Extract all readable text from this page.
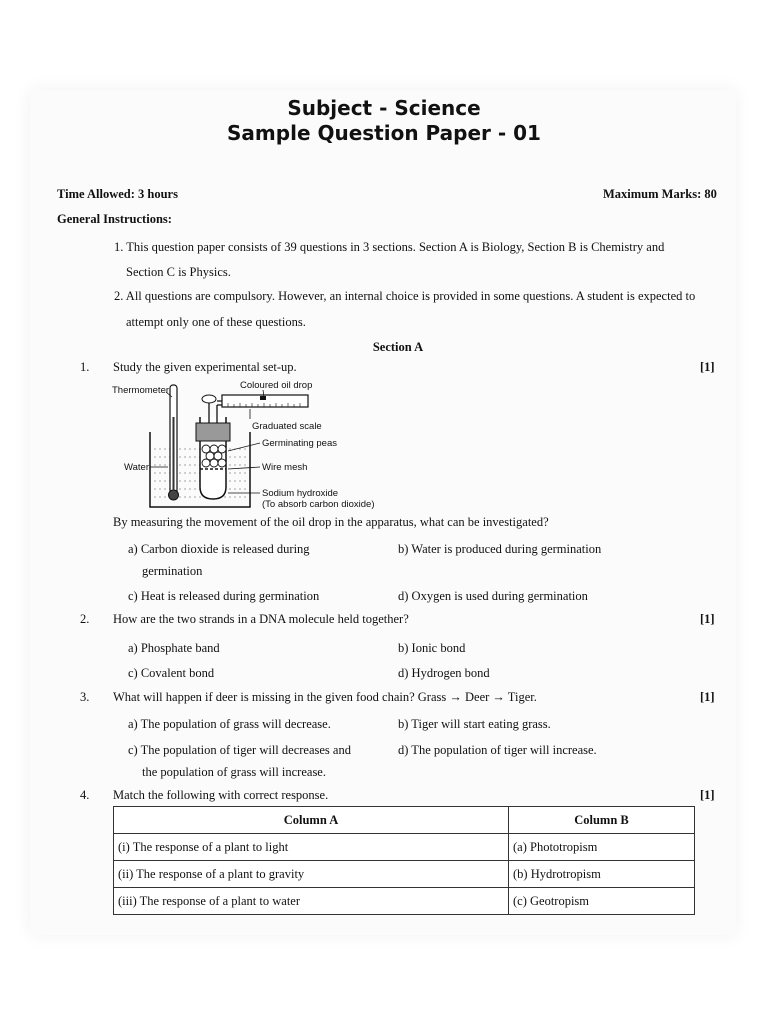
Subject - Science
Sample Question Paper - 01
Time Allowed: 3 hours	Maximum Marks: 80
General Instructions:
1. This question paper consists of 39 questions in 3 sections. Section A is Biology, Section B is Chemistry and
Section C is Physics.
2. All questions are compulsory. However, an internal choice is provided in some questions. A student is expected to
attempt only one of these questions.
Section A
1. Study the given experimental set-up.	[1]
Thermometer	Coloured oil drop
Graduated scale
Germinating peas
Water	Wire mesh
Sodium hydroxide
(To absorb carbon dioxide)
By measuring the movement of the oil drop in the apparatus, what can be investigated?
a) Carbon dioxide is released during
germination
b) Water is produced during germination
c) Heat is released during germination	d) Oxygen is used during germination
2. How are the two strands in a DNA molecule held together?	[1]
a) Phosphate band	b) Ionic bond
c) Covalent bond	d) Hydrogen bond
3. What will happen if deer is missing in the given food chain? Grass → Deer → Tiger.	[1]
a) The population of grass will decrease.	b) Tiger will start eating grass.
c) The population of tiger will decreases and
the population of grass will increase.
d) The population of tiger will increase.
4. Match the following with correct response.	[1]
Column A	Column B
(i) The response of a plant to light	(a) Phototropism
(ii) The response of a plant to gravity	(b) Hydrotropism
(iii) The response of a plant to water	(c) Geotropism
